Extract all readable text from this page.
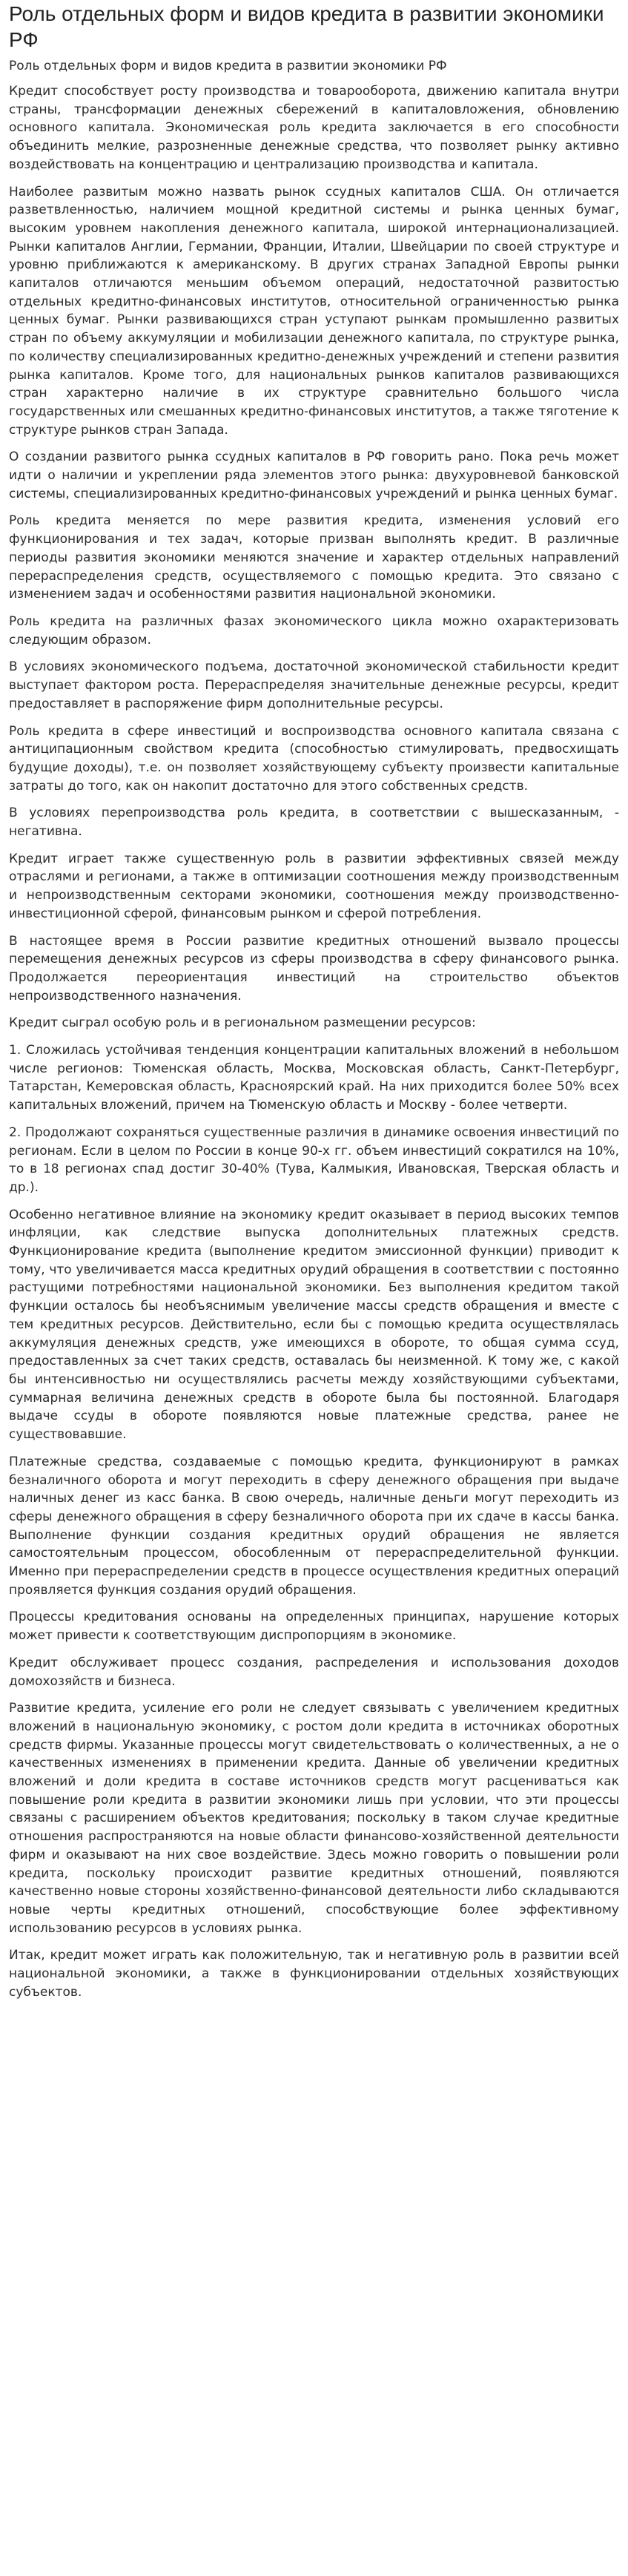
Роль отдельных форм и видов кредита в развитии экономики РФ
Роль отдельных форм и видов кредита в развитии экономики РФ

Кредит способствует росту производства и товарооборота, движению капитала внутри страны, трансформации денежных сбережений в капиталовложения, обновлению основного капитала. Экономическая роль кредита заключается в его способности объединить мелкие, разрозненные денежные средства, что позволяет рынку активно воздействовать на концентрацию и централизацию производства и капитала.

Наиболее развитым можно назвать рынок ссудных капиталов США. Он отличается разветвленностью, наличием мощной кредитной системы и рынка ценных бумаг, высоким уровнем накопления денежного капитала, широкой интернационализацией. Рынки капиталов Англии, Германии, Франции, Италии, Швейцарии по своей структуре и уровню приближаются к американскому. В других странах Западной Европы рынки капиталов отличаются меньшим объемом операций, недостаточной развитостью отдельных кредитно-финансовых институтов, относительной ограниченностью рынка ценных бумаг. Рынки развивающихся стран уступают рынкам промышленно развитых стран по объему аккумуляции и мобилизации денежного капитала, по структуре рынка, по количеству специализированных кредитно-денежных учреждений и степени развития рынка капиталов. Кроме того, для национальных рынков капиталов развивающихся стран характерно наличие в их структуре сравнительно большого числа государственных или смешанных кредитно-финансовых институтов, а также тяготение к структуре рынков стран Запада.

О создании развитого рынка ссудных капиталов в РФ говорить рано. Пока речь может идти о наличии и укреплении ряда элементов этого рынка: двухуровневой банковской системы, специализированных кредитно-финансовых учреждений и рынка ценных бумаг.

Роль кредита меняется по мере развития кредита, изменения условий его функционирования и тех задач, которые призван выполнять кредит. В различные периоды развития экономики меняются значение и характер отдельных направлений перераспределения средств, осуществляемого с помощью кредита. Это связано с изменением задач и особенностями развития национальной экономики.

Роль кредита на различных фазах экономического цикла можно охарактеризовать следующим образом.

В условиях экономического подъема, достаточной экономической стабильности кредит выступает фактором роста. Перераспределяя значительные денежные ресурсы, кредит предоставляет в распоряжение фирм дополнительные ресурсы.

Роль кредита в сфере инвестиций и воспроизводства основного капитала связана с антиципационным свойством кредита (способностью стимулировать, предвосхищать будущие доходы), т.е. он позволяет хозяйствующему субъекту произвести капитальные затраты до того, как он накопит достаточно для этого собственных средств.

В условиях перепроизводства роль кредита, в соответствии с вышесказанным, - негативна.

Кредит играет также существенную роль в развитии эффективных связей между отраслями и регионами, а также в оптимизации соотношения между производственным и непроизводственным секторами экономики, соотношения между производственно-инвестиционной сферой, финансовым рынком и сферой потребления.

В настоящее время в России развитие кредитных отношений вызвало процессы перемещения денежных ресурсов из сферы производства в сферу финансового рынка. Продолжается переориентация инвестиций на строительство объектов непроизводственного назначения.

Кредит сыграл особую роль и в региональном размещении ресурсов:

1. Сложилась устойчивая тенденция концентрации капитальных вложений в небольшом числе регионов: Тюменская область, Москва, Московская область, Санкт-Петербург, Татарстан, Кемеровская область, Красноярский край. На них приходится более 50% всех капитальных вложений, причем на Тюменскую область и Москву - более четверти.

2. Продолжают сохраняться существенные различия в динамике освоения инвестиций по регионам. Если в целом по России в конце 90-х гг. объем инвестиций сократился на 10%, то в 18 регионах спад достиг 30-40% (Тува, Калмыкия, Ивановская, Тверская область и др.).

Особенно негативное влияние на экономику кредит оказывает в период высоких темпов инфляции, как следствие выпуска дополнительных платежных средств. Функционирование кредита (выполнение кредитом эмиссионной функции) приводит к тому, что увеличивается масса кредитных орудий обращения в соответствии с постоянно растущими потребностями национальной экономики. Без выполнения кредитом такой функции осталось бы необъяснимым увеличение массы средств обращения и вместе с тем кредитных ресурсов. Действительно, если бы с помощью кредита осуществлялась аккумуляция денежных средств, уже имеющихся в обороте, то общая сумма ссуд, предоставленных за счет таких средств, оставалась бы неизменной. К тому же, с какой бы интенсивностью ни осуществлялись расчеты между хозяйствующими субъектами, суммарная величина денежных средств в обороте была бы постоянной. Благодаря выдаче ссуды в обороте появляются новые платежные средства, ранее не существовавшие.

Платежные средства, создаваемые с помощью кредита, функционируют в рамках безналичного оборота и могут переходить в сферу денежного обращения при выдаче наличных денег из касс банка. В свою очередь, наличные деньги могут переходить из сферы денежного обращения в сферу безналичного оборота при их сдаче в кассы банка. Выполнение функции создания кредитных орудий обращения не является самостоятельным процессом, обособленным от перераспределительной функции. Именно при перераспределении средств в процессе осуществления кредитных операций проявляется функция создания орудий обращения.

Процессы кредитования основаны на определенных принципах, нарушение которых может привести к соответствующим диспропорциям в экономике.

Кредит обслуживает процесс создания, распределения и использования доходов домохозяйств и бизнеса.

Развитие кредита, усиление его роли не следует связывать с увеличением кредитных вложений в национальную экономику, с ростом доли кредита в источниках оборотных средств фирмы. Указанные процессы могут свидетельствовать о количественных, а не о качественных изменениях в применении кредита. Данные об увеличении кредитных вложений и доли кредита в составе источников средств могут расцениваться как повышение роли кредита в развитии экономики лишь при условии, что эти процессы связаны с расширением объектов кредитования; поскольку в таком случае кредитные отношения распространяются на новые области финансово-хозяйственной деятельности фирм и оказывают на них свое воздействие. Здесь можно говорить о повышении роли кредита, поскольку происходит развитие кредитных отношений, появляются качественно новые стороны хозяйственно-финансовой деятельности либо складываются новые черты кредитных отношений, способствующие более эффективному использованию ресурсов в условиях рынка.

Итак, кредит может играть как положительную, так и негативную роль в развитии всей национальной экономики, а также в функционировании отдельных хозяйствующих субъектов.
